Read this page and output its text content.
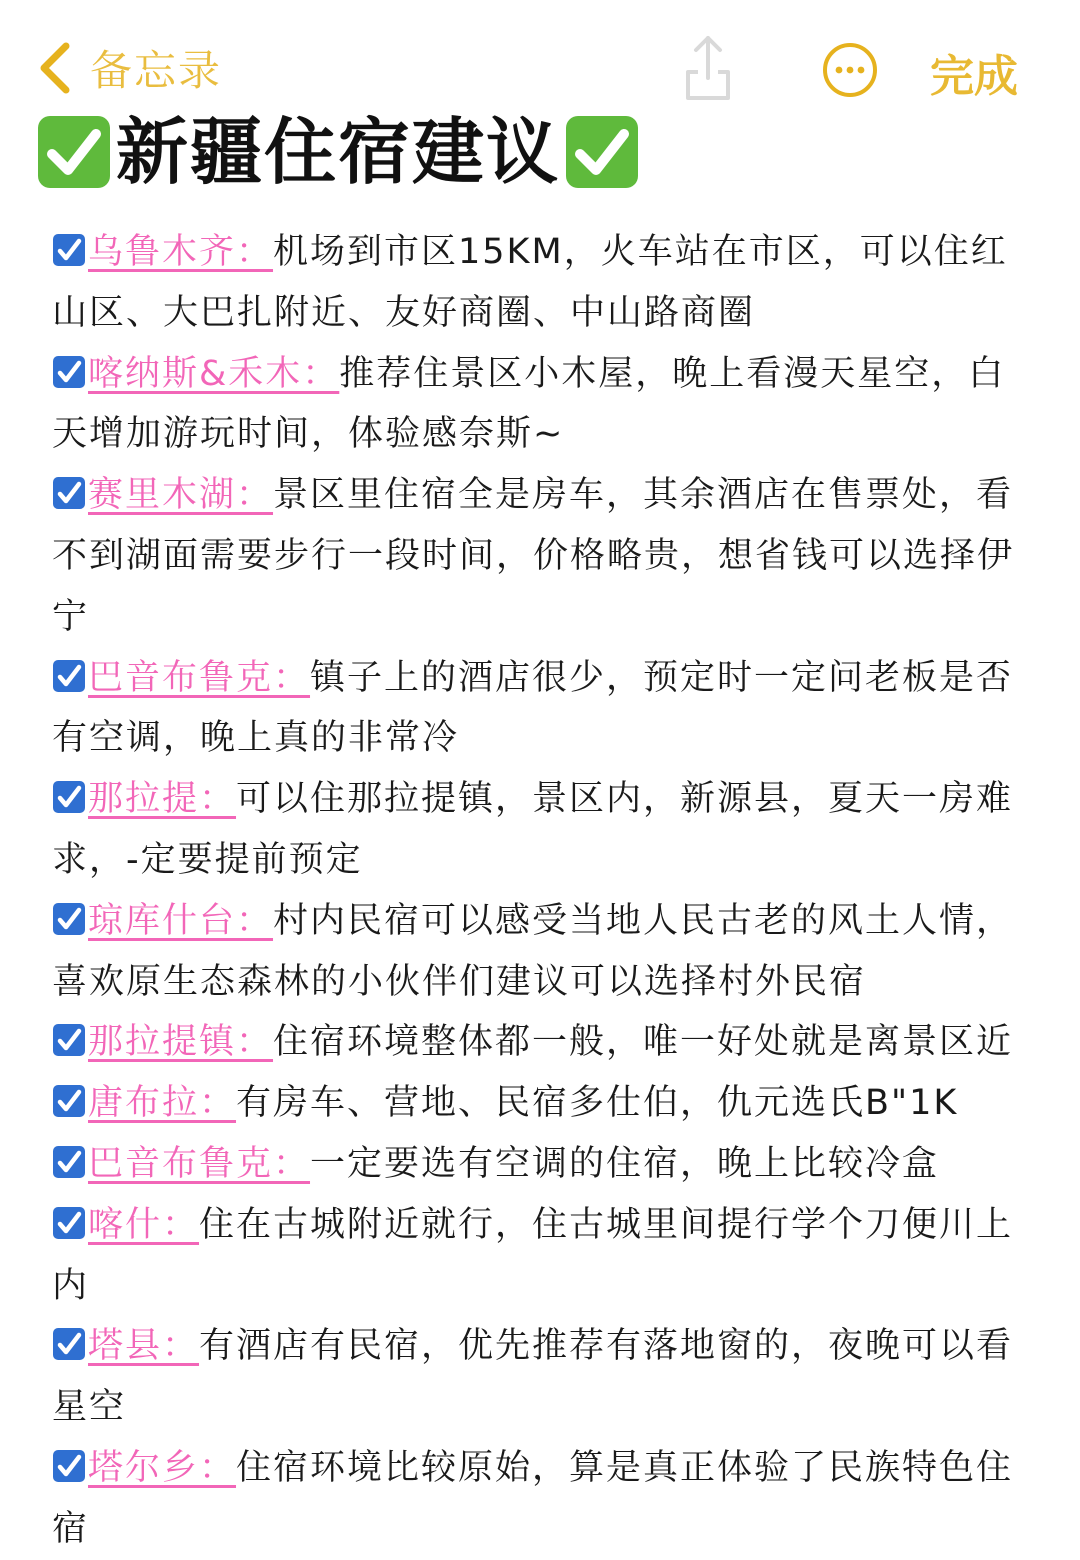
备忘录	完成
新疆住宿建议

乌鲁木齐：机场到市区15KM，火车站在市区，可以住红山区、大巴扎附近、友好商圈、中山路商圈

喀纳斯&禾木：推荐住景区小木屋，晚上看漫天星空，白天增加游玩时间，体验感奈斯~

赛里木湖：景区里住宿全是房车，其余酒店在售票处，看不到湖面需要步行一段时间，价格略贵，想省钱可以选择伊宁

巴音布鲁克：镇子上的酒店很少，预定时一定问老板是否有空调，晚上真的非常冷

那拉提：可以住那拉提镇，景区内，新源县，夏天一房难求，-定要提前预定

琼库什台：村内民宿可以感受当地人民古老的风土人情，喜欢原生态森林的小伙伴们建议可以选择村外民宿

那拉提镇：住宿环境整体都一般，唯一好处就是离景区近

唐布拉：有房车、营地、民宿多仕伯，仇元选氏B"1K

巴音布鲁克：一定要选有空调的住宿，晚上比较冷盒

喀什：住在古城附近就行，住古城里间提行学个刀便川上内

塔县：有酒店有民宿，优先推荐有落地窗的，夜晚可以看星空

塔尔乡：住宿环境比较原始，算是真正体验了民族特色住宿
